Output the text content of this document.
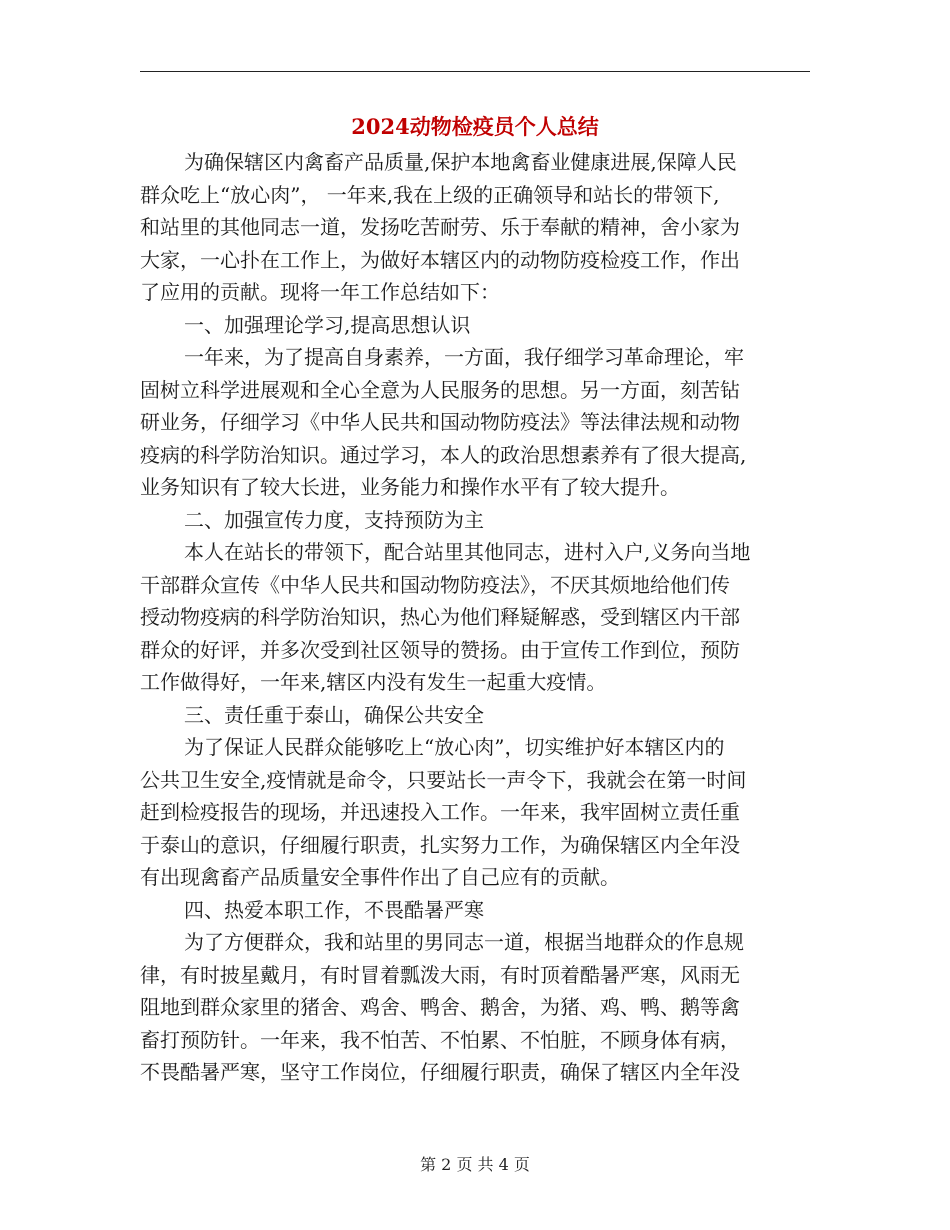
2024动物检疫员个人总结
为确保辖区内禽畜产品质量,保护本地禽畜业健康进展,保障人民
群众吃上“放心肉”， 一年来,我在上级的正确领导和站长的带领下,
和站里的其他同志一道，发扬吃苦耐劳、乐于奉献的精神，舍小家为
大家，一心扑在工作上，为做好本辖区内的动物防疫检疫工作，作出
了应用的贡献。现将一年工作总结如下：
一、加强理论学习,提高思想认识
一年来，为了提高自身素养，一方面，我仔细学习革命理论，牢
固树立科学进展观和全心全意为人民服务的思想。另一方面，刻苦钻
研业务，仔细学习《中华人民共和国动物防疫法》等法律法规和动物
疫病的科学防治知识。通过学习，本人的政治思想素养有了很大提高,
业务知识有了较大长进，业务能力和操作水平有了较大提升。
二、加强宣传力度，支持预防为主
本人在站长的带领下，配合站里其他同志，进村入户,义务向当地
干部群众宣传《中华人民共和国动物防疫法》，不厌其烦地给他们传
授动物疫病的科学防治知识，热心为他们释疑解惑，受到辖区内干部
群众的好评，并多次受到社区领导的赞扬。由于宣传工作到位，预防
工作做得好，一年来,辖区内没有发生一起重大疫情。
三、责任重于泰山，确保公共安全
为了保证人民群众能够吃上“放心肉”，切实维护好本辖区内的
公共卫生安全,疫情就是命令，只要站长一声令下，我就会在第一时间
赶到检疫报告的现场，并迅速投入工作。一年来，我牢固树立责任重
于泰山的意识，仔细履行职责，扎实努力工作，为确保辖区内全年没
有出现禽畜产品质量安全事件作出了自己应有的贡献。
四、热爱本职工作，不畏酷暑严寒
为了方便群众，我和站里的男同志一道，根据当地群众的作息规
律，有时披星戴月，有时冒着瓢泼大雨，有时顶着酷暑严寒，风雨无
阻地到群众家里的猪舍、鸡舍、鸭舍、鹅舍，为猪、鸡、鸭、鹅等禽
畜打预防针。一年来，我不怕苦、不怕累、不怕脏，不顾身体有病，
不畏酷暑严寒，坚守工作岗位，仔细履行职责，确保了辖区内全年没
第 2 页 共 4 页
